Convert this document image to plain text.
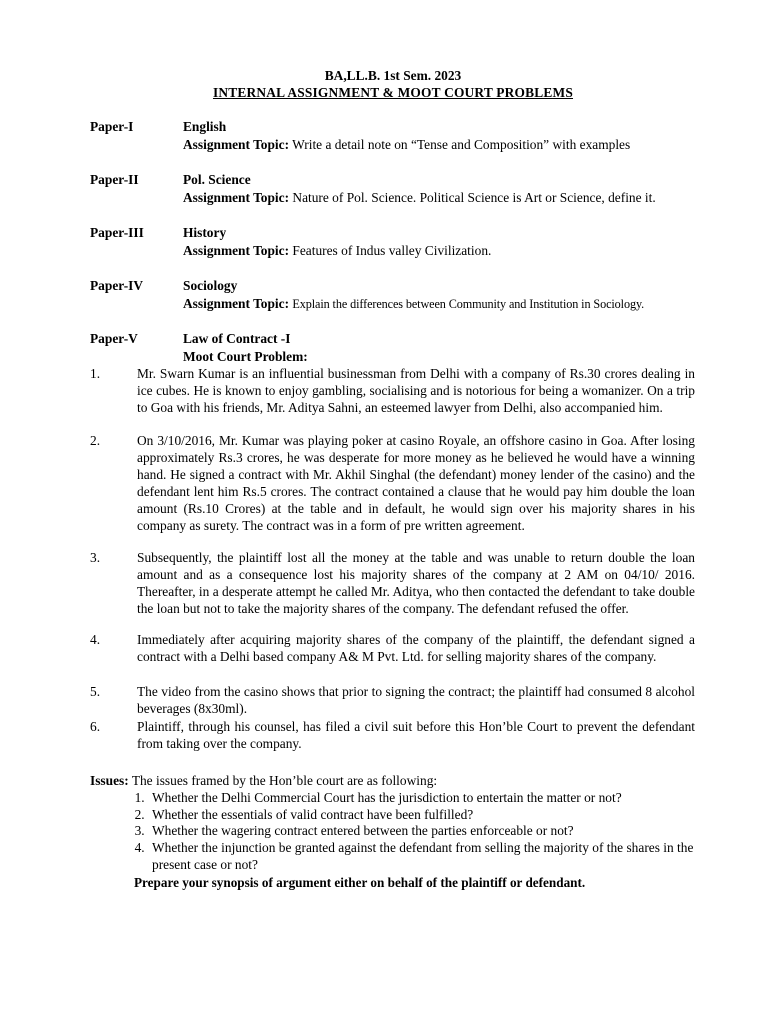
BA,LL.B. 1st Sem. 2023
INTERNAL ASSIGNMENT & MOOT COURT PROBLEMS
Paper-I	English
Assignment Topic: Write a detail note on “Tense and Composition” with examples
Paper-II	Pol. Science
Assignment Topic: Nature of Pol. Science. Political Science is Art or Science, define it.
Paper-III	History
Assignment Topic: Features of Indus valley Civilization.
Paper-IV	Sociology
Assignment Topic: Explain the differences between Community and Institution in Sociology.
Paper-V	Law of Contract -I
Moot Court Problem:
1.	Mr. Swarn Kumar is an influential businessman from Delhi with a company of Rs.30 crores dealing in ice cubes. He is known to enjoy gambling, socialising and is notorious for being a womanizer. On a trip to Goa with his friends, Mr. Aditya Sahni, an esteemed lawyer from Delhi, also accompanied him.
2.	On 3/10/2016, Mr. Kumar was playing poker at casino Royale, an offshore casino in Goa. After losing approximately Rs.3 crores, he was desperate for more money as he believed he would have a winning hand. He signed a contract with Mr. Akhil Singhal (the defendant) money lender of the casino) and the defendant lent him Rs.5 crores. The contract contained a clause that he would pay him double the loan amount (Rs.10 Crores) at the table and in default, he would sign over his majority shares in his company as surety. The contract was in a form of pre written agreement.
3.	Subsequently, the plaintiff lost all the money at the table and was unable to return double the loan amount and as a consequence lost his majority shares of the company at 2 AM on 04/10/ 2016. Thereafter, in a desperate attempt he called Mr. Aditya, who then contacted the defendant to take double the loan but not to take the majority shares of the company. The defendant refused the offer.
4.	Immediately after acquiring majority shares of the company of the plaintiff, the defendant signed a contract with a Delhi based company A& M Pvt. Ltd. for selling majority shares of the company.
5.	The video from the casino shows that prior to signing the contract; the plaintiff had consumed 8 alcohol beverages (8x30ml).
6.	Plaintiff, through his counsel, has filed a civil suit before this Hon’ble Court to prevent the defendant from taking over the company.
Issues: The issues framed by the Hon’ble court are as following:
1. Whether the Delhi Commercial Court has the jurisdiction to entertain the matter or not?
2. Whether the essentials of valid contract have been fulfilled?
3. Whether the wagering contract entered between the parties enforceable or not?
4. Whether the injunction be granted against the defendant from selling the majority of the shares in the present case or not?
Prepare your synopsis of argument either on behalf of the plaintiff or defendant.
